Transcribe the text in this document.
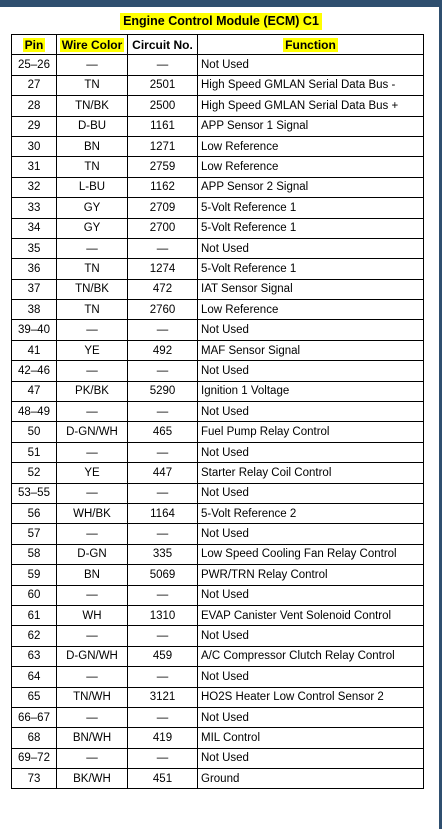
Engine Control Module (ECM) C1
Pin	Wire Color	Circuit No.	Function
25–26	—	—	Not Used
27	TN	2501	High Speed GMLAN Serial Data Bus -
28	TN/BK	2500	High Speed GMLAN Serial Data Bus +
29	D-BU	1161	APP Sensor 1 Signal
30	BN	1271	Low Reference
31	TN	2759	Low Reference
32	L-BU	1162	APP Sensor 2 Signal
33	GY	2709	5-Volt Reference 1
34	GY	2700	5-Volt Reference 1
35	—	—	Not Used
36	TN	1274	5-Volt Reference 1
37	TN/BK	472	IAT Sensor Signal
38	TN	2760	Low Reference
39–40	—	—	Not Used
41	YE	492	MAF Sensor Signal
42–46	—	—	Not Used
47	PK/BK	5290	Ignition 1 Voltage
48–49	—	—	Not Used
50	D-GN/WH	465	Fuel Pump Relay Control
51	—	—	Not Used
52	YE	447	Starter Relay Coil Control
53–55	—	—	Not Used
56	WH/BK	1164	5-Volt Reference 2
57	—	—	Not Used
58	D-GN	335	Low Speed Cooling Fan Relay Control
59	BN	5069	PWR/TRN Relay Control
60	—	—	Not Used
61	WH	1310	EVAP Canister Vent Solenoid Control
62	—	—	Not Used
63	D-GN/WH	459	A/C Compressor Clutch Relay Control
64	—	—	Not Used
65	TN/WH	3121	HO2S Heater Low Control Sensor 2
66–67	—	—	Not Used
68	BN/WH	419	MIL Control
69–72	—	—	Not Used
73	BK/WH	451	Ground
